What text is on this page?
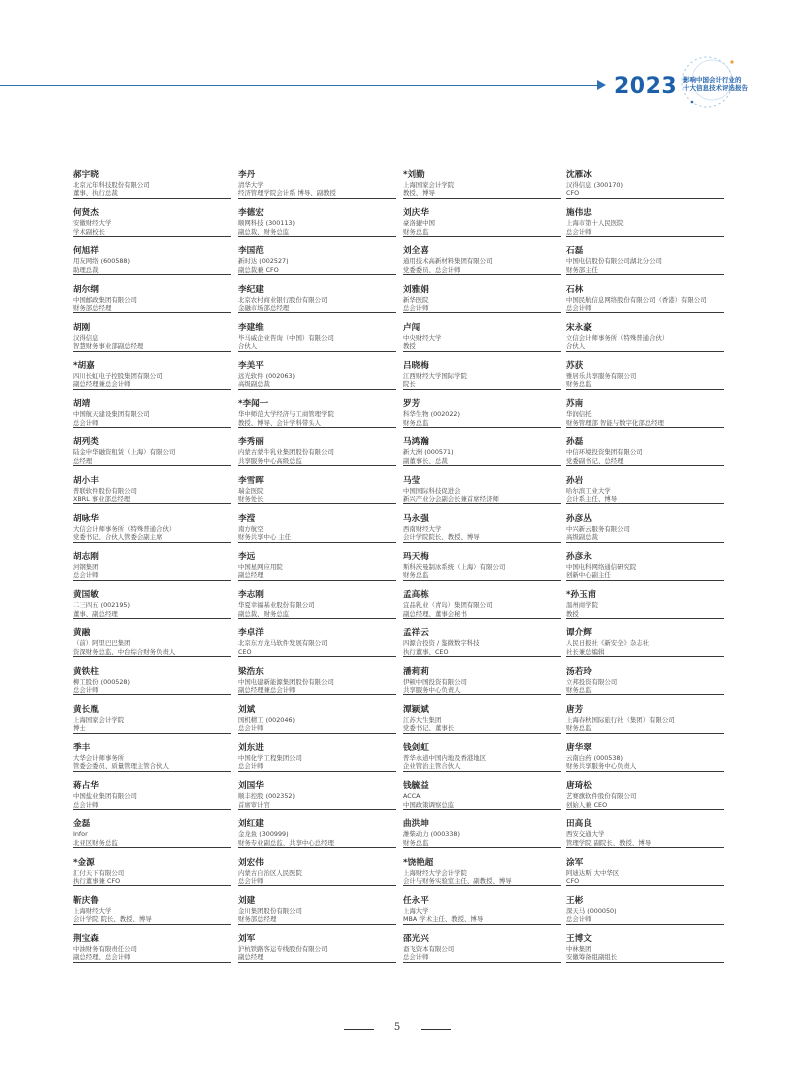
2023 影响中国会计行业的
十大信息技术评选报告
郝宇晓
北京元年科技股份有限公司
董事、执行总裁
何贤杰
安徽财经大学
学术副校长
何旭祥
用友网络 (600588)
助理总裁
胡尔纲
中国邮政集团有限公司
财务部总经理
胡刚
汉得信息
智慧财务事业部副总经理
*胡嘉
四川长虹电子控股集团有限公司
副总经理兼总会计师
胡靖
中国航天建设集团有限公司
总会计师
胡列类
陆金申华融资租赁（上海）有限公司
总经理
胡小丰
普联软件股份有限公司
XBRL 事业部总经理
胡咏华
大信会计师事务所（特殊普通合伙）
党委书记、合伙人管委会副主席
胡志刚
河钢集团
总会计师
黄国敏
二三四五 (002195)
董事、副总经理
黄融
（前）阿里巴巴集团
资深财务总监、中台综合财务负责人
黄铁柱
柳工股份 (000528)
总会计师
黄长胤
上海国家会计学院
博士
季丰
大华会计师事务所
管委会委员、质量管理主管合伙人
蒋占华
中国盐业集团有限公司
总会计师
金磊
Infor
北亚区财务总监
*金源
汇付天下有限公司
执行董事兼 CFO
靳庆鲁
上海财经大学
会计学院 院长、教授、博导
荆宝森
中油财务有限责任公司
副总经理、总会计师
李丹
清华大学
经济管理学院会计系 博导、副教授
李德宏
顺网科技 (300113)
副总裁、财务总监
李国范
新时达 (002527)
副总裁兼 CFO
李纪建
北京农村商业银行股份有限公司
金融市场部总经理
李建维
毕马威企业咨询（中国）有限公司
合伙人
李美平
远光软件 (002063)
高级副总裁
*李闻一
华中师范大学经济与工商管理学院
教授、博导、会计学科带头人
李秀丽
内蒙古蒙牛乳业集团股份有限公司
共享服务中心高级总监
李雪晖
瑞金医院
财务处长
李滢
南方航空
财务共享中心 主任
李远
中国星网应用院
副总经理
李志刚
华夏幸福基业股份有限公司
副总裁、财务总监
李卓洋
北京东方龙马软件发展有限公司
CEO
梁浩东
中国电建新能源集团股份有限公司
副总经理兼总会计师
刘斌
国机精工 (002046)
总会计师
刘东进
中国化学工程集团公司
总会计师
刘国华
顺丰控股 (002352)
首席审计官
刘红建
金龙鱼 (300999)
财务专业副总监、共享中心总经理
刘宏伟
内蒙古自治区人民医院
总会计师
刘建
金川集团股份有限公司
财务部总经理
刘军
沪杭铁路客运专线股份有限公司
副总经理
*刘勤
上海国家会计学院
教授、博导
刘庆华
豪洛捷中国
财务总监
刘全喜
通用技术高新材料集团有限公司
党委委员、总会计师
刘雅娟
新华医院
总会计师
卢闯
中央财经大学
教授
吕晓梅
江西财经大学国际学院
院长
罗芳
科华生物 (002022)
财务总监
马鸿瀚
新大洲 (000571)
副董事长、总裁
马莹
中国国际科技促进会
新兴产业分会副会长兼首席经济师
马永强
西南财经大学
会计学院院长、教授、博导
玛天梅
斯科茨曼制冰系统（上海）有限公司
财务总监
孟高栋
宜品乳业（青岛）集团有限公司
副总经理、董事会秘书
孟祥云
四源合投资 / 鉴微数字科技
执行董事、CEO
潘莉莉
伊顿中国投资有限公司
共享服务中心负责人
潭颖斌
江苏大生集团
党委书记、董事长
钱剑虹
普华永道中国内地及香港地区
企业管治主管合伙人
钱毓益
ACCA
中国政策调察总监
曲洪坤
潍柴动力 (000338)
财务总监
*饶艳超
上海财经大学会计学院
会计与财务实验室主任、副教授、博导
任永平
上海大学
MBA 学术主任、教授、博导
邵光兴
裔飞资本有限公司
总会计师
沈雁冰
汉得信息 (300170)
CFO
施伟忠
上海市第十人民医院
总会计师
石磊
中国电信股份有限公司湖北分公司
财务部主任
石林
中国民航信息网络股份有限公司（香港）有限公司
总会计师
宋永豪
立信会计师事务所（特殊普通合伙）
合伙人
苏获
雅居乐共享服务有限公司
财务总监
苏南
华润信托
财务管理部 智能与数字化部总经理
孙磊
中信环境投资集团有限公司
党委副书记、总经理
孙岩
哈尔滨工业大学
会计系主任、博导
孙彦丛
中兴新云服务有限公司
高级副总裁
孙彦永
中国电科网络通信研究院
创新中心副主任
*孙玉甫
温州商学院
教授
谭介辉
人民日报社《新安全》杂志社
社长兼总编辑
汤若玲
立邦投资有限公司
财务总监
唐芳
上海春秋国际旅行社（集团）有限公司
财务总监
唐华翠
云南白药 (000538)
财务共享服务中心负责人
唐琦松
艺赛旗软件股份有限公司
创始人兼 CEO
田高良
西安交通大学
管理学院 副院长、教授、博导
涂军
阿迪达斯 大中华区
CFO
王彬
深天马 (000050)
总会计师
王博文
中林集团
安徽筹备组副组长
5
